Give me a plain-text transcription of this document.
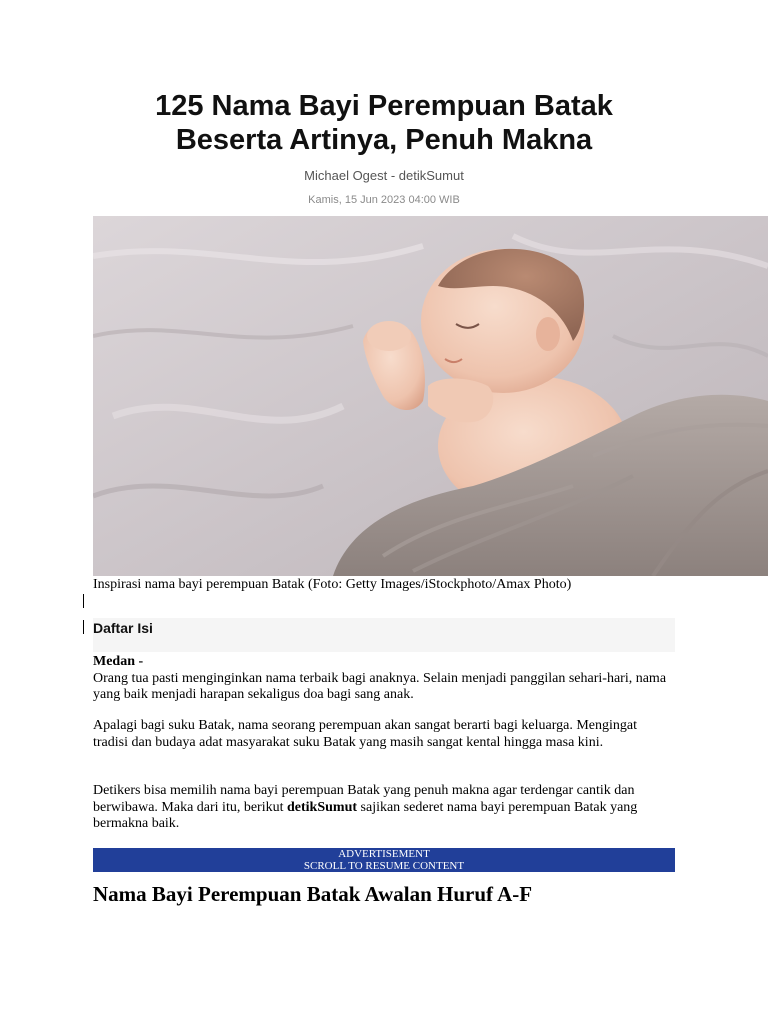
125 Nama Bayi Perempuan Batak
Beserta Artinya, Penuh Makna
Michael Ogest - detikSumut
Kamis, 15 Jun 2023 04:00 WIB
Inspirasi nama bayi perempuan Batak (Foto: Getty Images/iStockphoto/Amax Photo)
Daftar Isi

Medan -
Orang tua pasti menginginkan nama terbaik bagi anaknya. Selain menjadi panggilan sehari-hari, nama yang baik menjadi harapan sekaligus doa bagi sang anak.

Apalagi bagi suku Batak, nama seorang perempuan akan sangat berarti bagi keluarga. Mengingat tradisi dan budaya adat masyarakat suku Batak yang masih sangat kental hingga masa kini.

Detikers bisa memilih nama bayi perempuan Batak yang penuh makna agar terdengar cantik dan berwibawa. Maka dari itu, berikut detikSumut sajikan sederet nama bayi perempuan Batak yang bermakna baik.

ADVERTISEMENT
SCROLL TO RESUME CONTENT
Nama Bayi Perempuan Batak Awalan Huruf A-F
